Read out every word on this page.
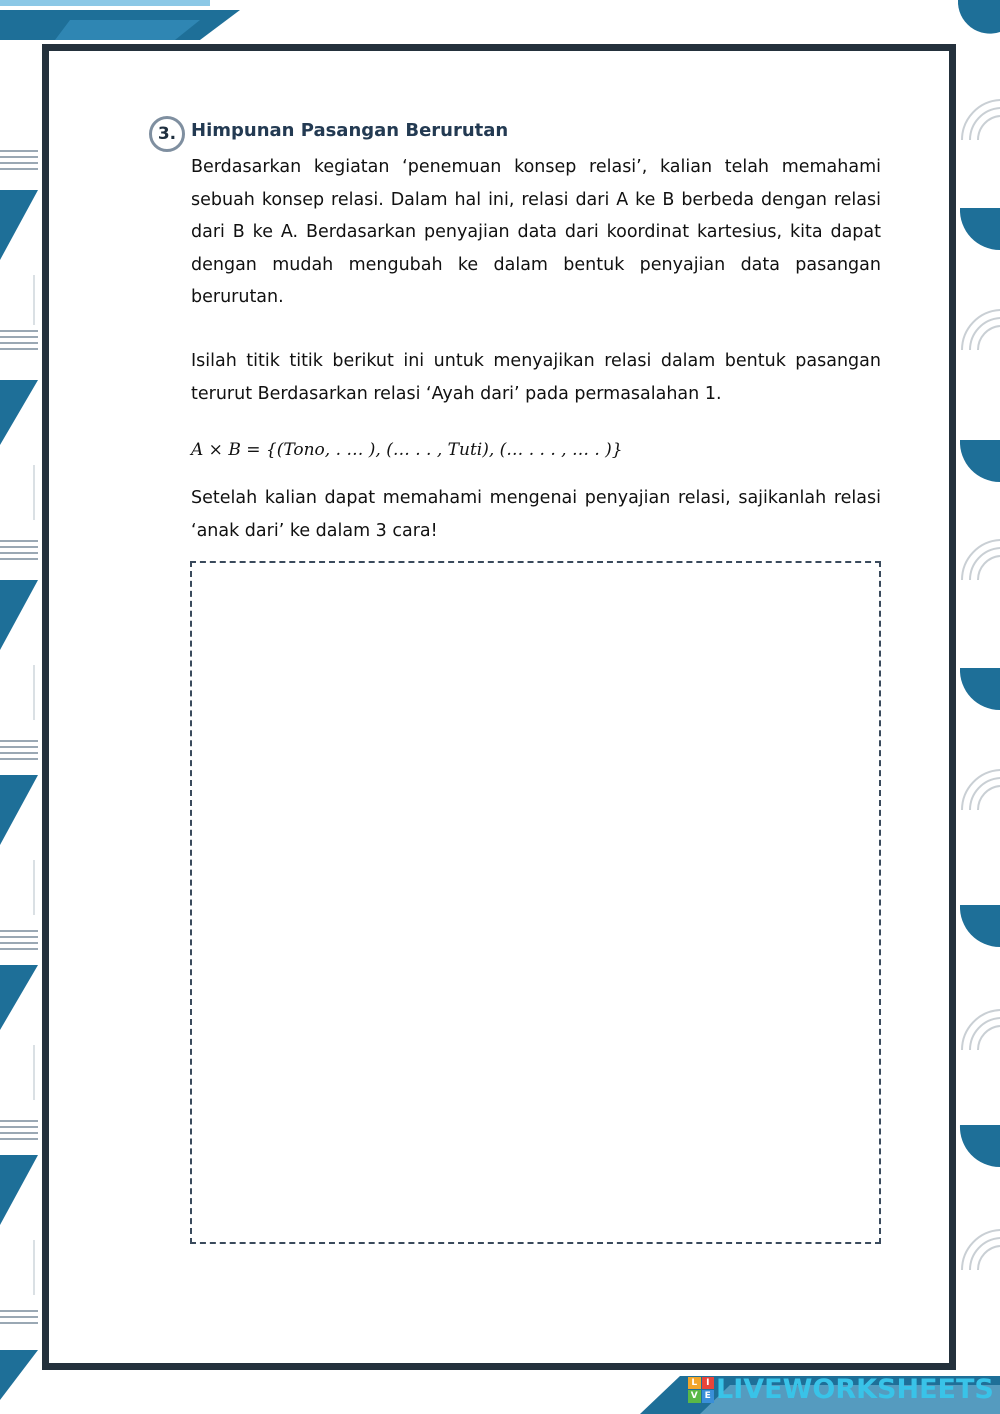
3. Himpunan Pasangan Berurutan

Berdasarkan kegiatan ‘penemuan konsep relasi’, kalian telah memahami sebuah konsep relasi. Dalam hal ini, relasi dari A ke B berbeda dengan relasi dari B ke A. Berdasarkan penyajian data dari koordinat kartesius, kita dapat dengan mudah mengubah ke dalam bentuk penyajian data pasangan berurutan.

Isilah titik titik berikut ini untuk menyajikan relasi dalam bentuk pasangan terurut Berdasarkan relasi ‘Ayah dari’ pada permasalahan 1.

A × B = {(Tono, . … ), (… . . , Tuti), (… . . . , … . )}

Setelah kalian dapat memahami mengenai penyajian relasi, sajikanlah relasi ‘anak dari’ ke dalam 3 cara!

L I
V E LIVEWORKSHEETS
